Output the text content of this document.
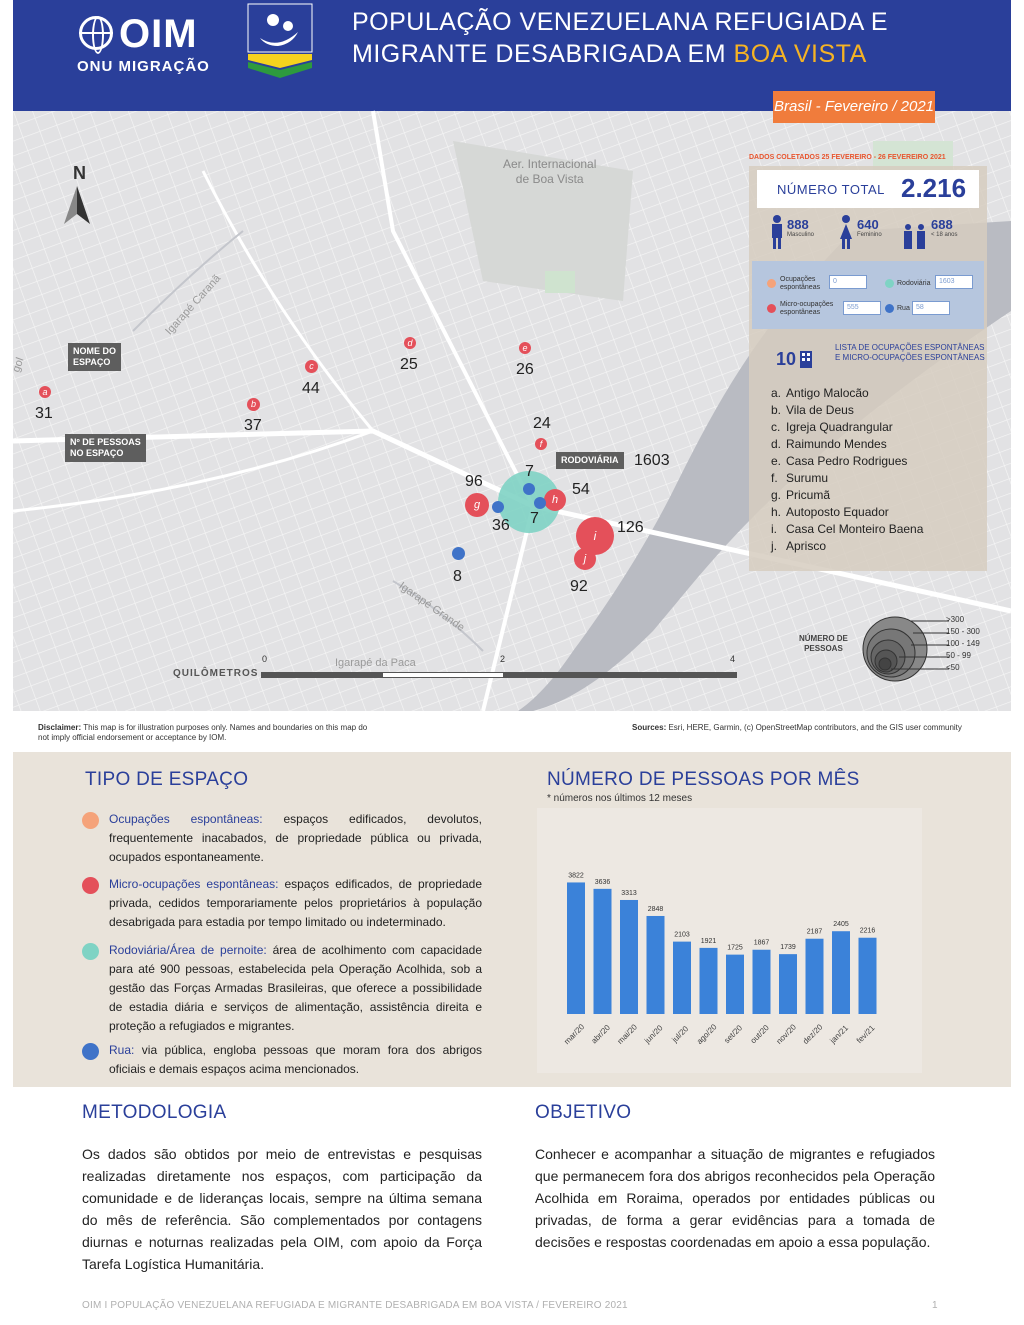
OIM
ONU MIGRAÇÃO
POPULAÇÃO VENEZUELANA REFUGIADA E
MIGRANTE DESABRIGADA EM BOA VISTA
Brasil - Fevereiro / 2021
N	Aer. Internacional
de Boa Vista
Igarapé Caranã
Igarapé Grande
Igarapé da Paca
gol
NOME DO
ESPAÇO
Nº DE PESSOAS
NO ESPAÇO
RODOVIÁRIA
a
b
c
d	e
f
g	h
i
j
31
37
44
25	26
24
96	54
126
92
1603
7
36 7
8
QUILÔMETROS
0	2	4
DADOS COLETADOS 25 FEVEREIRO - 26 FEVEREIRO 2021
NÚMERO TOTAL 2.216
888
Masculino
640
Feminino
688
< 18 anos
Ocupações
espontâneas
0
Micro-ocupações
espontâneas
555
Rodoviária	1603
Rua 58
10
LISTA DE OCUPAÇÕES ESPONTÂNEAS E MICRO-OCUPAÇÕES ESPONTÂNEAS
a. Antigo Malocão
b. Vila de Deus
c. Igreja Quadrangular
d. Raimundo Mendes
e. Casa Pedro Rodrigues
f. Surumu
g. Pricumã
h. Autoposto Equador
i. Casa Cel Monteiro Baena
j. Aprisco
NÚMERO DE
PESSOAS
>300
150 - 300
100 - 149
50 - 99
<50
Disclaimer: This map is for illustration purposes only. Names and boundaries on this map do not imply official endorsement or acceptance by IOM.
Sources: Esri, HERE, Garmin, (c) OpenStreetMap contributors, and the GIS user community
TIPO DE ESPAÇO
Ocupações espontâneas: espaços edificados, devolutos, frequentemente inacabados, de propriedade pública ou privada, ocupados espontaneamente.
Micro-ocupações espontâneas: espaços edificados, de propriedade privada, cedidos temporariamente pelos proprietários à população desabrigada para estadia por tempo limitado ou indeterminado.
Rodoviária/Área de pernoite: área de acolhimento com capacidade para até 900 pessoas, estabelecida pela Operação Acolhida, sob a gestão das Forças Armadas Brasileiras, que oferece a possibilidade de estadia diária e serviços de alimentação, assistência direita e proteção a refugiados e migrantes.
Rua: via pública, engloba pessoas que moram fora dos abrigos oficiais e demais espaços acima mencionados.
NÚMERO DE PESSOAS POR MÊS
* números nos últimos 12 meses
3822
mar/20
3636
abr/20
3313
mai/20
2848
jun/20
2103
jul/20
1921
ago/20
1725
set/20
1867
out/20
1739
nov/20
2187
dez/20
2405
jan/21
2216
fev/21
METODOLOGIA
Os dados são obtidos por meio de entrevistas e pesquisas realizadas diretamente nos espaços, com participação da comunidade e de lideranças locais, sempre na última semana do mês de referência. São complementados por contagens diurnas e noturnas realizadas pela OIM, com apoio da Força Tarefa Logística Humanitária.
OBJETIVO
Conhecer e acompanhar a situação de migrantes e refugiados que permanecem fora dos abrigos reconhecidos pela Operação Acolhida em Roraima, operados por entidades públicas ou privadas, de forma a gerar evidências para a tomada de decisões e respostas coordenadas em apoio a essa população.
OIM I POPULAÇÃO VENEZUELANA REFUGIADA E MIGRANTE DESABRIGADA EM BOA VISTA / FEVEREIRO 2021	1
